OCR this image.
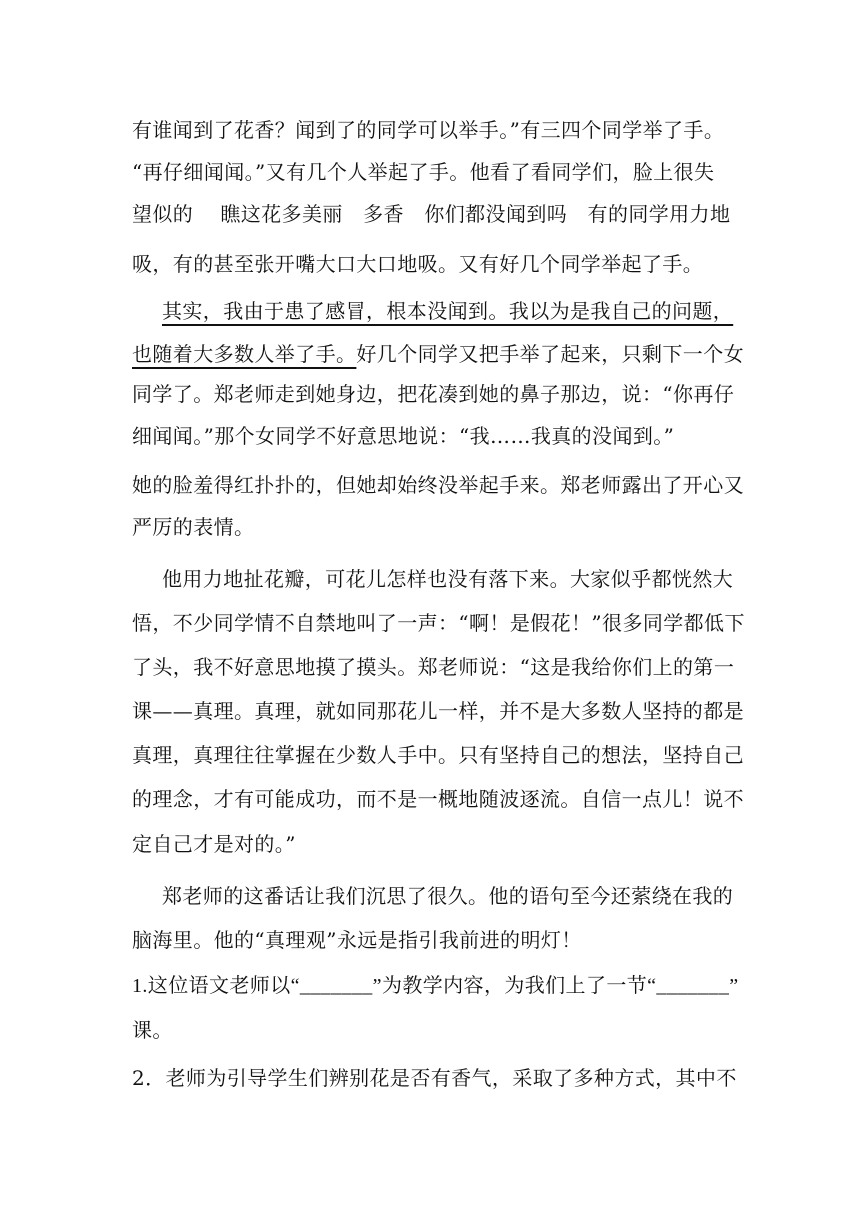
有谁闻到了花香？闻到了的同学可以举手。”有三四个同学举了手。
“再仔细闻闻。”又有几个人举起了手。他看了看同学们，脸上很失
望似的　 瞧这花多美丽　多香　你们都没闻到吗　有的同学用力地
吸，有的甚至张开嘴大口大口地吸。又有好几个同学举起了手。
其实，我由于患了感冒，根本没闻到。我以为是我自己的问题，
也随着大多数人举了手。好几个同学又把手举了起来，只剩下一个女
同学了。郑老师走到她身边，把花凑到她的鼻子那边，说：“你再仔
细闻闻。”那个女同学不好意思地说：“我……我真的没闻到。”
她的脸羞得红扑扑的，但她却始终没举起手来。郑老师露出了开心又
严厉的表情。
他用力地扯花瓣，可花儿怎样也没有落下来。大家似乎都恍然大
悟，不少同学情不自禁地叫了一声：“啊！是假花！”很多同学都低下
了头，我不好意思地摸了摸头。郑老师说：“这是我给你们上的第一
课——真理。真理，就如同那花儿一样，并不是大多数人坚持的都是
真理，真理往往掌握在少数人手中。只有坚持自己的想法，坚持自己
的理念，才有可能成功，而不是一概地随波逐流。自信一点儿！说不
定自己才是对的。”
郑老师的这番话让我们沉思了很久。他的语句至今还萦绕在我的
脑海里。他的“真理观”永远是指引我前进的明灯！
1.这位语文老师以“_______”为教学内容，为我们上了一节“_______”
课。
2．老师为引导学生们辨别花是否有香气，采取了多种方式，其中不
